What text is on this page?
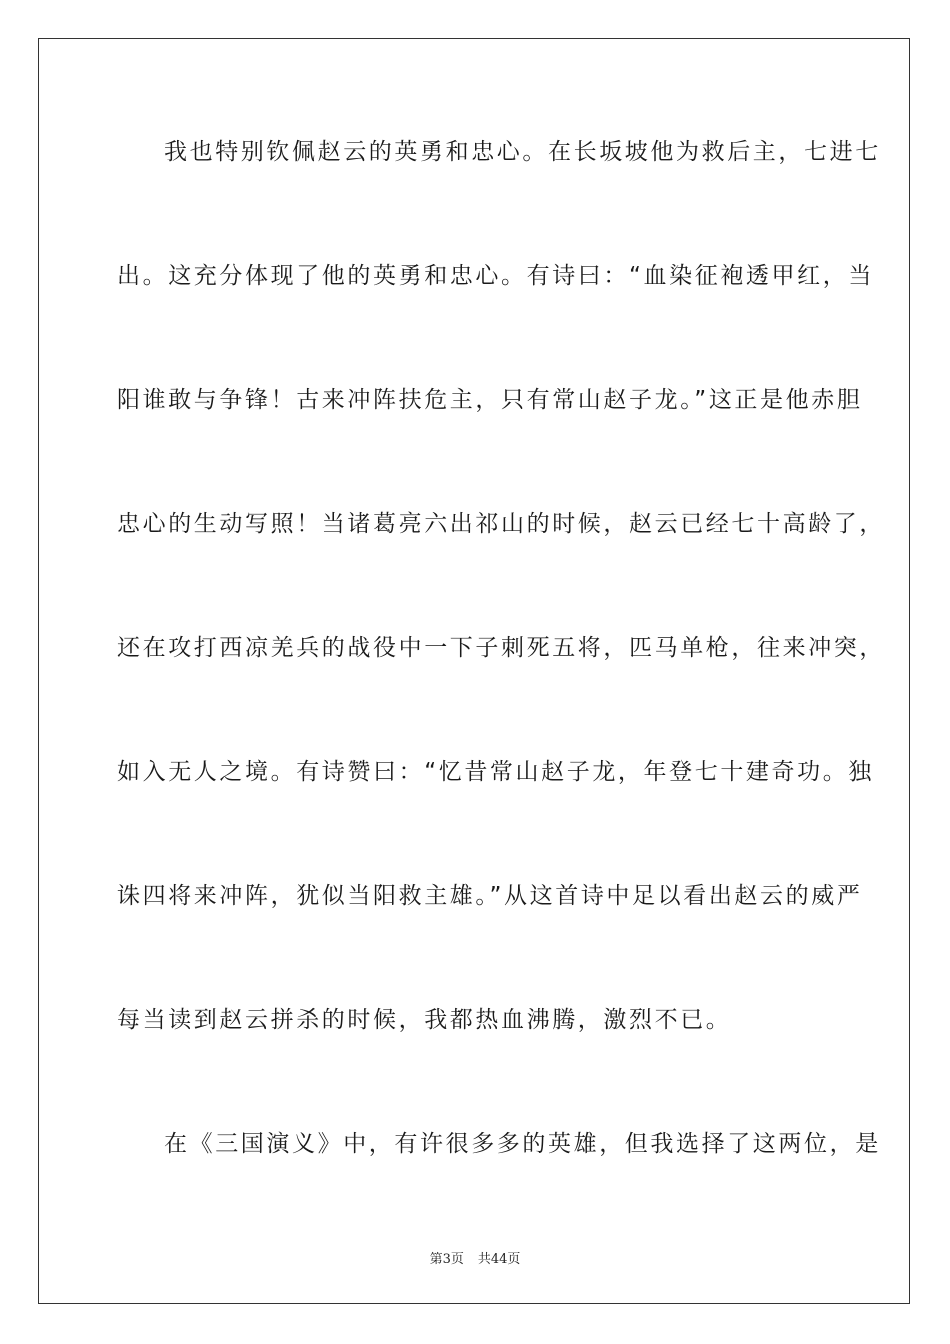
我也特别钦佩赵云的英勇和忠心。在长坂坡他为救后主，七进七
出。这充分体现了他的英勇和忠心。有诗曰：“血染征袍透甲红，当
阳谁敢与争锋！古来冲阵扶危主，只有常山赵子龙。”这正是他赤胆
忠心的生动写照！当诸葛亮六出祁山的时候，赵云已经七十高龄了，
还在攻打西凉羌兵的战役中一下子刺死五将，匹马单枪，往来冲突，
如入无人之境。有诗赞曰：“忆昔常山赵子龙，年登七十建奇功。独
诛四将来冲阵，犹似当阳救主雄。”从这首诗中足以看出赵云的威严
每当读到赵云拼杀的时候，我都热血沸腾，激烈不已。
在《三国演义》中，有许很多多的英雄，但我选择了这两位，是
第3页 共44页
